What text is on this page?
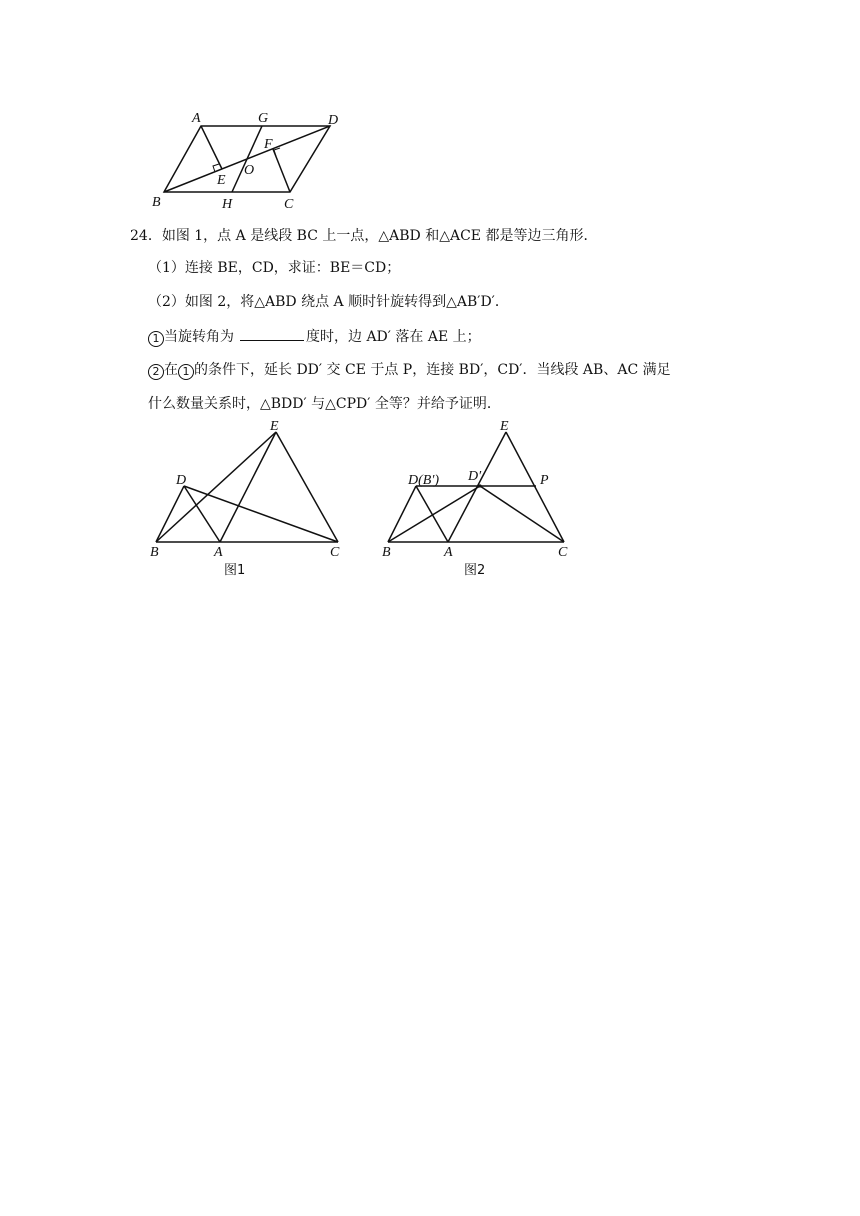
A	G	D
F
O
E
B	H	C
24．如图 1，点 A 是线段 BC 上一点，△ABD 和△ACE 都是等边三角形．
（1）连接 BE，CD，求证：BE＝CD；
（2）如图 2，将△ABD 绕点 A 顺时针旋转得到△AB′D′．
1 当旋转角为	度时，边 AD′ 落在 AE 上；
2 在 1 的条件下，延长 DD′ 交 CE 于点 P，连接 BD′，CD′．当线段 AB、AC 满足
什么数量关系时，△BDD′ 与△CPD′ 全等？并给予证明．
E
D
B	A	C
图1
E
D(B′) D′	P
B	A	C
图2
